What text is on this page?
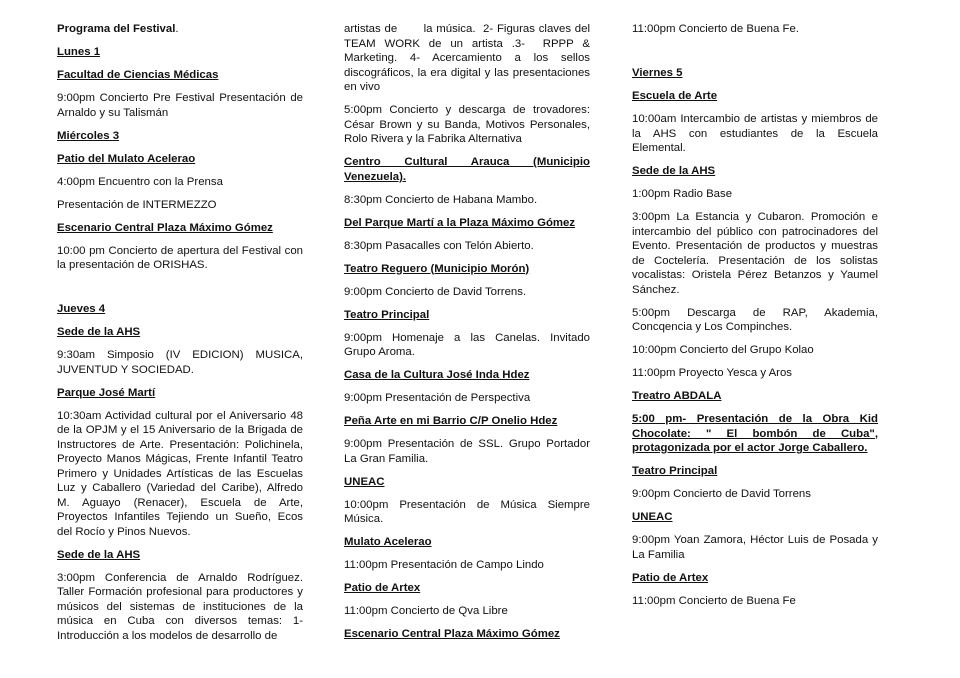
Programa del Festival.

Lunes 1

Facultad de Ciencias Médicas

9:00pm Concierto Pre Festival Presentación de Arnaldo y su Talismán

Miércoles 3

Patio del Mulato Acelerao

4:00pm Encuentro con la Prensa

Presentación de INTERMEZZO

Escenario Central Plaza Máximo Gómez

10:00 pm Concierto de apertura del Festival con la presentación de ORISHAS.

Jueves 4

Sede de la AHS

9:30am Simposio (IV EDICION) MUSICA, JUVENTUD Y SOCIEDAD.

Parque José Martí

10:30am Actividad cultural por el Aniversario 48 de la OPJM y el 15 Aniversario de la Brigada de Instructores de Arte. Presentación: Polichinela, Proyecto Manos Mágicas, Frente Infantil Teatro Primero y Unidades Artísticas de las Escuelas Luz y Caballero (Variedad del Caribe), Alfredo M. Aguayo (Renacer), Escuela de Arte, Proyectos Infantiles Tejiendo un Sueño, Ecos del Rocío y Pinos Nuevos.

Sede de la AHS

3:00pm Conferencia de Arnaldo Rodríguez. Taller Formación profesional para productores y músicos del sistemas de instituciones de la música en Cuba con diversos temas: 1- Introducción a los modelos de desarrollo de

artistas de       la música.  2- Figuras claves del TEAM WORK de un artista .3-  RPPP & Marketing.  4-  Acercamiento  a  los  sellos discográficos, la era digital y las presentaciones en vivo

5:00pm Concierto y descarga de trovadores: César Brown y su Banda, Motivos Personales, Rolo Rivera y la Fabrika Alternativa

Centro Cultural Arauca (Municipio Venezuela).

8:30pm Concierto de Habana Mambo.

Del Parque Martí a la Plaza Máximo Gómez

8:30pm Pasacalles con Telón Abierto.

Teatro Reguero (Municipio Morón)

9:00pm Concierto de David Torrens.

Teatro Principal

9:00pm Homenaje a las Canelas. Invitado Grupo Aroma.

Casa de la Cultura José Inda Hdez

9:00pm Presentación de Perspectiva

Peña Arte en mi Barrio C/P Onelio Hdez

9:00pm Presentación de SSL. Grupo Portador La Gran Familia.

UNEAC

10:00pm Presentación de Música Siempre Música.

Mulato Acelerao

11:00pm Presentación de Campo Lindo

Patio de Artex

11:00pm Concierto de Qva Libre

Escenario Central Plaza Máximo Gómez

11:00pm Concierto de Buena Fe.

Viernes 5

Escuela de Arte

10:00am Intercambio de artistas y miembros de la AHS con estudiantes de la Escuela Elemental.

Sede de la AHS

1:00pm Radio Base

3:00pm La Estancia y Cubaron. Promoción e intercambio del público con patrocinadores del Evento. Presentación de productos y muestras de Coctelería. Presentación de los solistas vocalistas: Oristela Pérez Betanzos y Yaumel Sánchez.

5:00pm Descarga de RAP, Akademia, Concqencia y Los Compinches.

10:00pm Concierto del Grupo Kolao

11:00pm Proyecto Yesca y Aros

Treatro ABDALA

5:00 pm- Presentación de la Obra Kid Chocolate: " El bombón de Cuba", protagonizada por el actor Jorge Caballero.

Teatro Principal

9:00pm Concierto de David Torrens

UNEAC

9:00pm Yoan Zamora, Héctor Luis de Posada y La Familia

Patio de Artex

11:00pm Concierto de Buena Fe
